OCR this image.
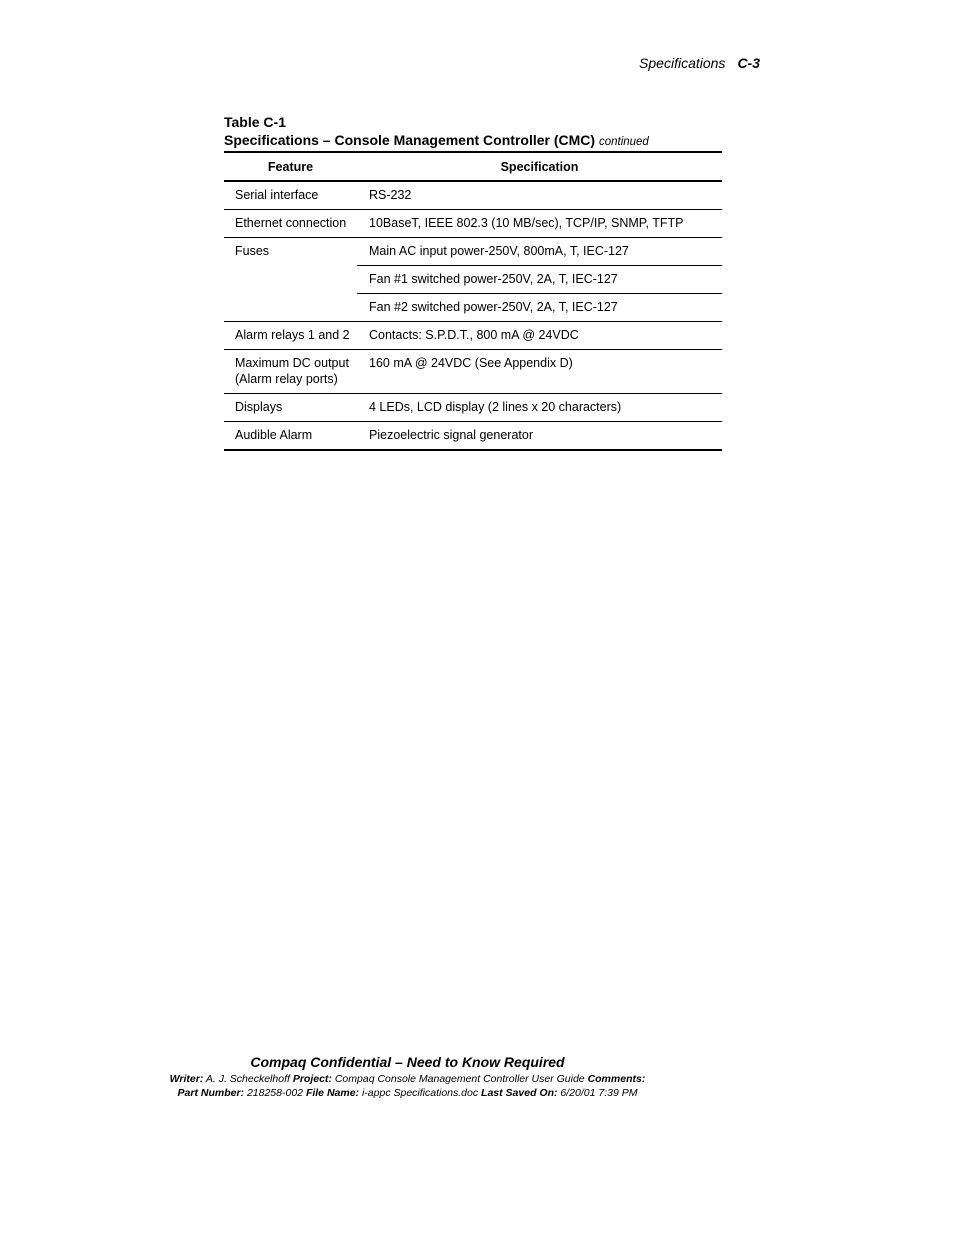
Specifications C-3
Table C-1
Specifications – Console Management Controller (CMC) continued
Feature	Specification
Serial interface	RS-232
Ethernet connection	10BaseT, IEEE 802.3 (10 MB/sec), TCP/IP, SNMP, TFTP
Fuses	Main AC input power-250V, 800mA, T, IEC-127
	Fan #1 switched power-250V, 2A, T, IEC-127
	Fan #2 switched power-250V, 2A, T, IEC-127
Alarm relays 1 and 2	Contacts: S.P.D.T., 800 mA @ 24VDC

Maximum DC output
(Alarm relay ports)	160 mA @ 24VDC (See Appendix D)
Displays	4 LEDs, LCD display (2 lines x 20 characters)
Audible Alarm	Piezoelectric signal generator
Compaq Confidential – Need to Know Required
Writer: A. J. Scheckelhoff Project: Compaq Console Management Controller User Guide Comments:
Part Number: 218258-002 File Name: i-appc Specifications.doc Last Saved On: 6/20/01 7:39 PM
